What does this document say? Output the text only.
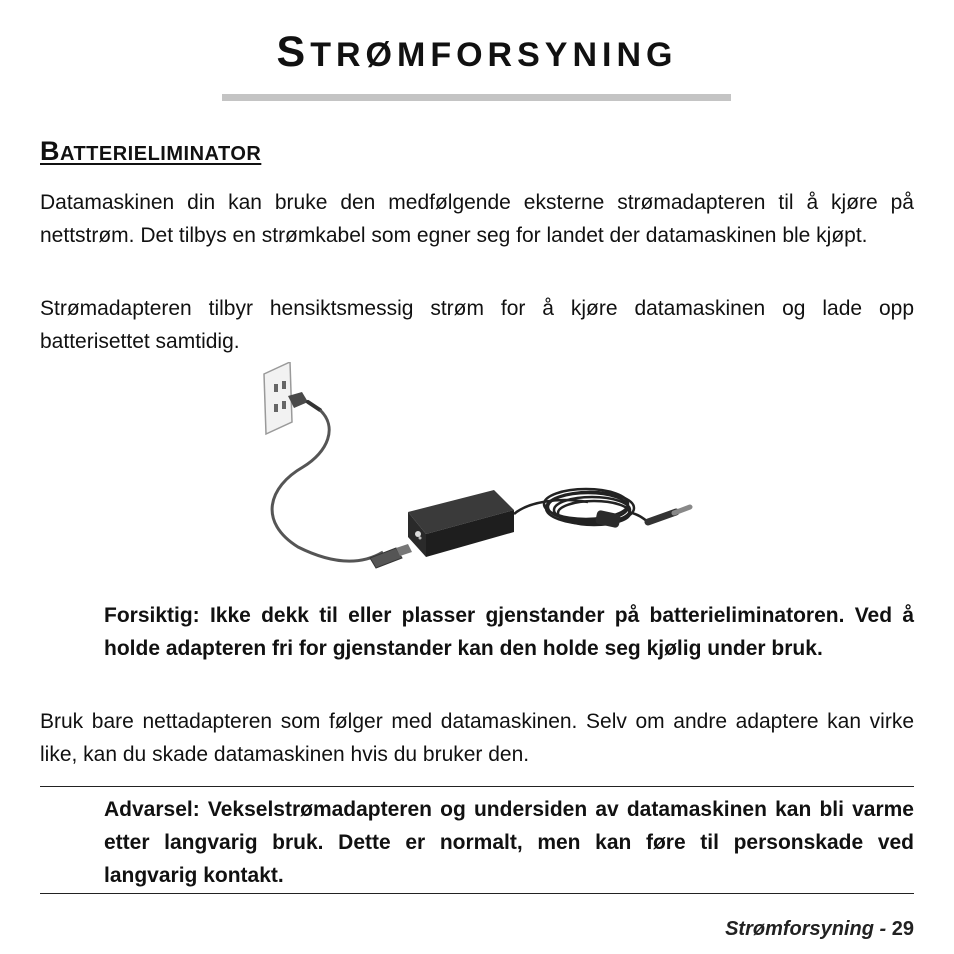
STRØMFORSYNING
BATTERIELIMINATOR

Datamaskinen din kan bruke den medfølgende eksterne strømadapteren til å kjøre på nettstrøm. Det tilbys en strømkabel som egner seg for landet der datamaskinen ble kjøpt.

Strømadapteren tilbyr hensiktsmessig strøm for å kjøre datamaskinen og lade opp batterisettet samtidig.

Forsiktig: Ikke dekk til eller plasser gjenstander på batterieliminatoren. Ved å holde adapteren fri for gjenstander kan den holde seg kjølig under bruk.

Bruk bare nettadapteren som følger med datamaskinen. Selv om andre adaptere kan virke like, kan du skade datamaskinen hvis du bruker den.

Advarsel: Vekselstrømadapteren og undersiden av datamaskinen kan bli varme etter langvarig bruk. Dette er normalt, men kan føre til personskade ved langvarig kontakt.

Strømforsyning - 29
